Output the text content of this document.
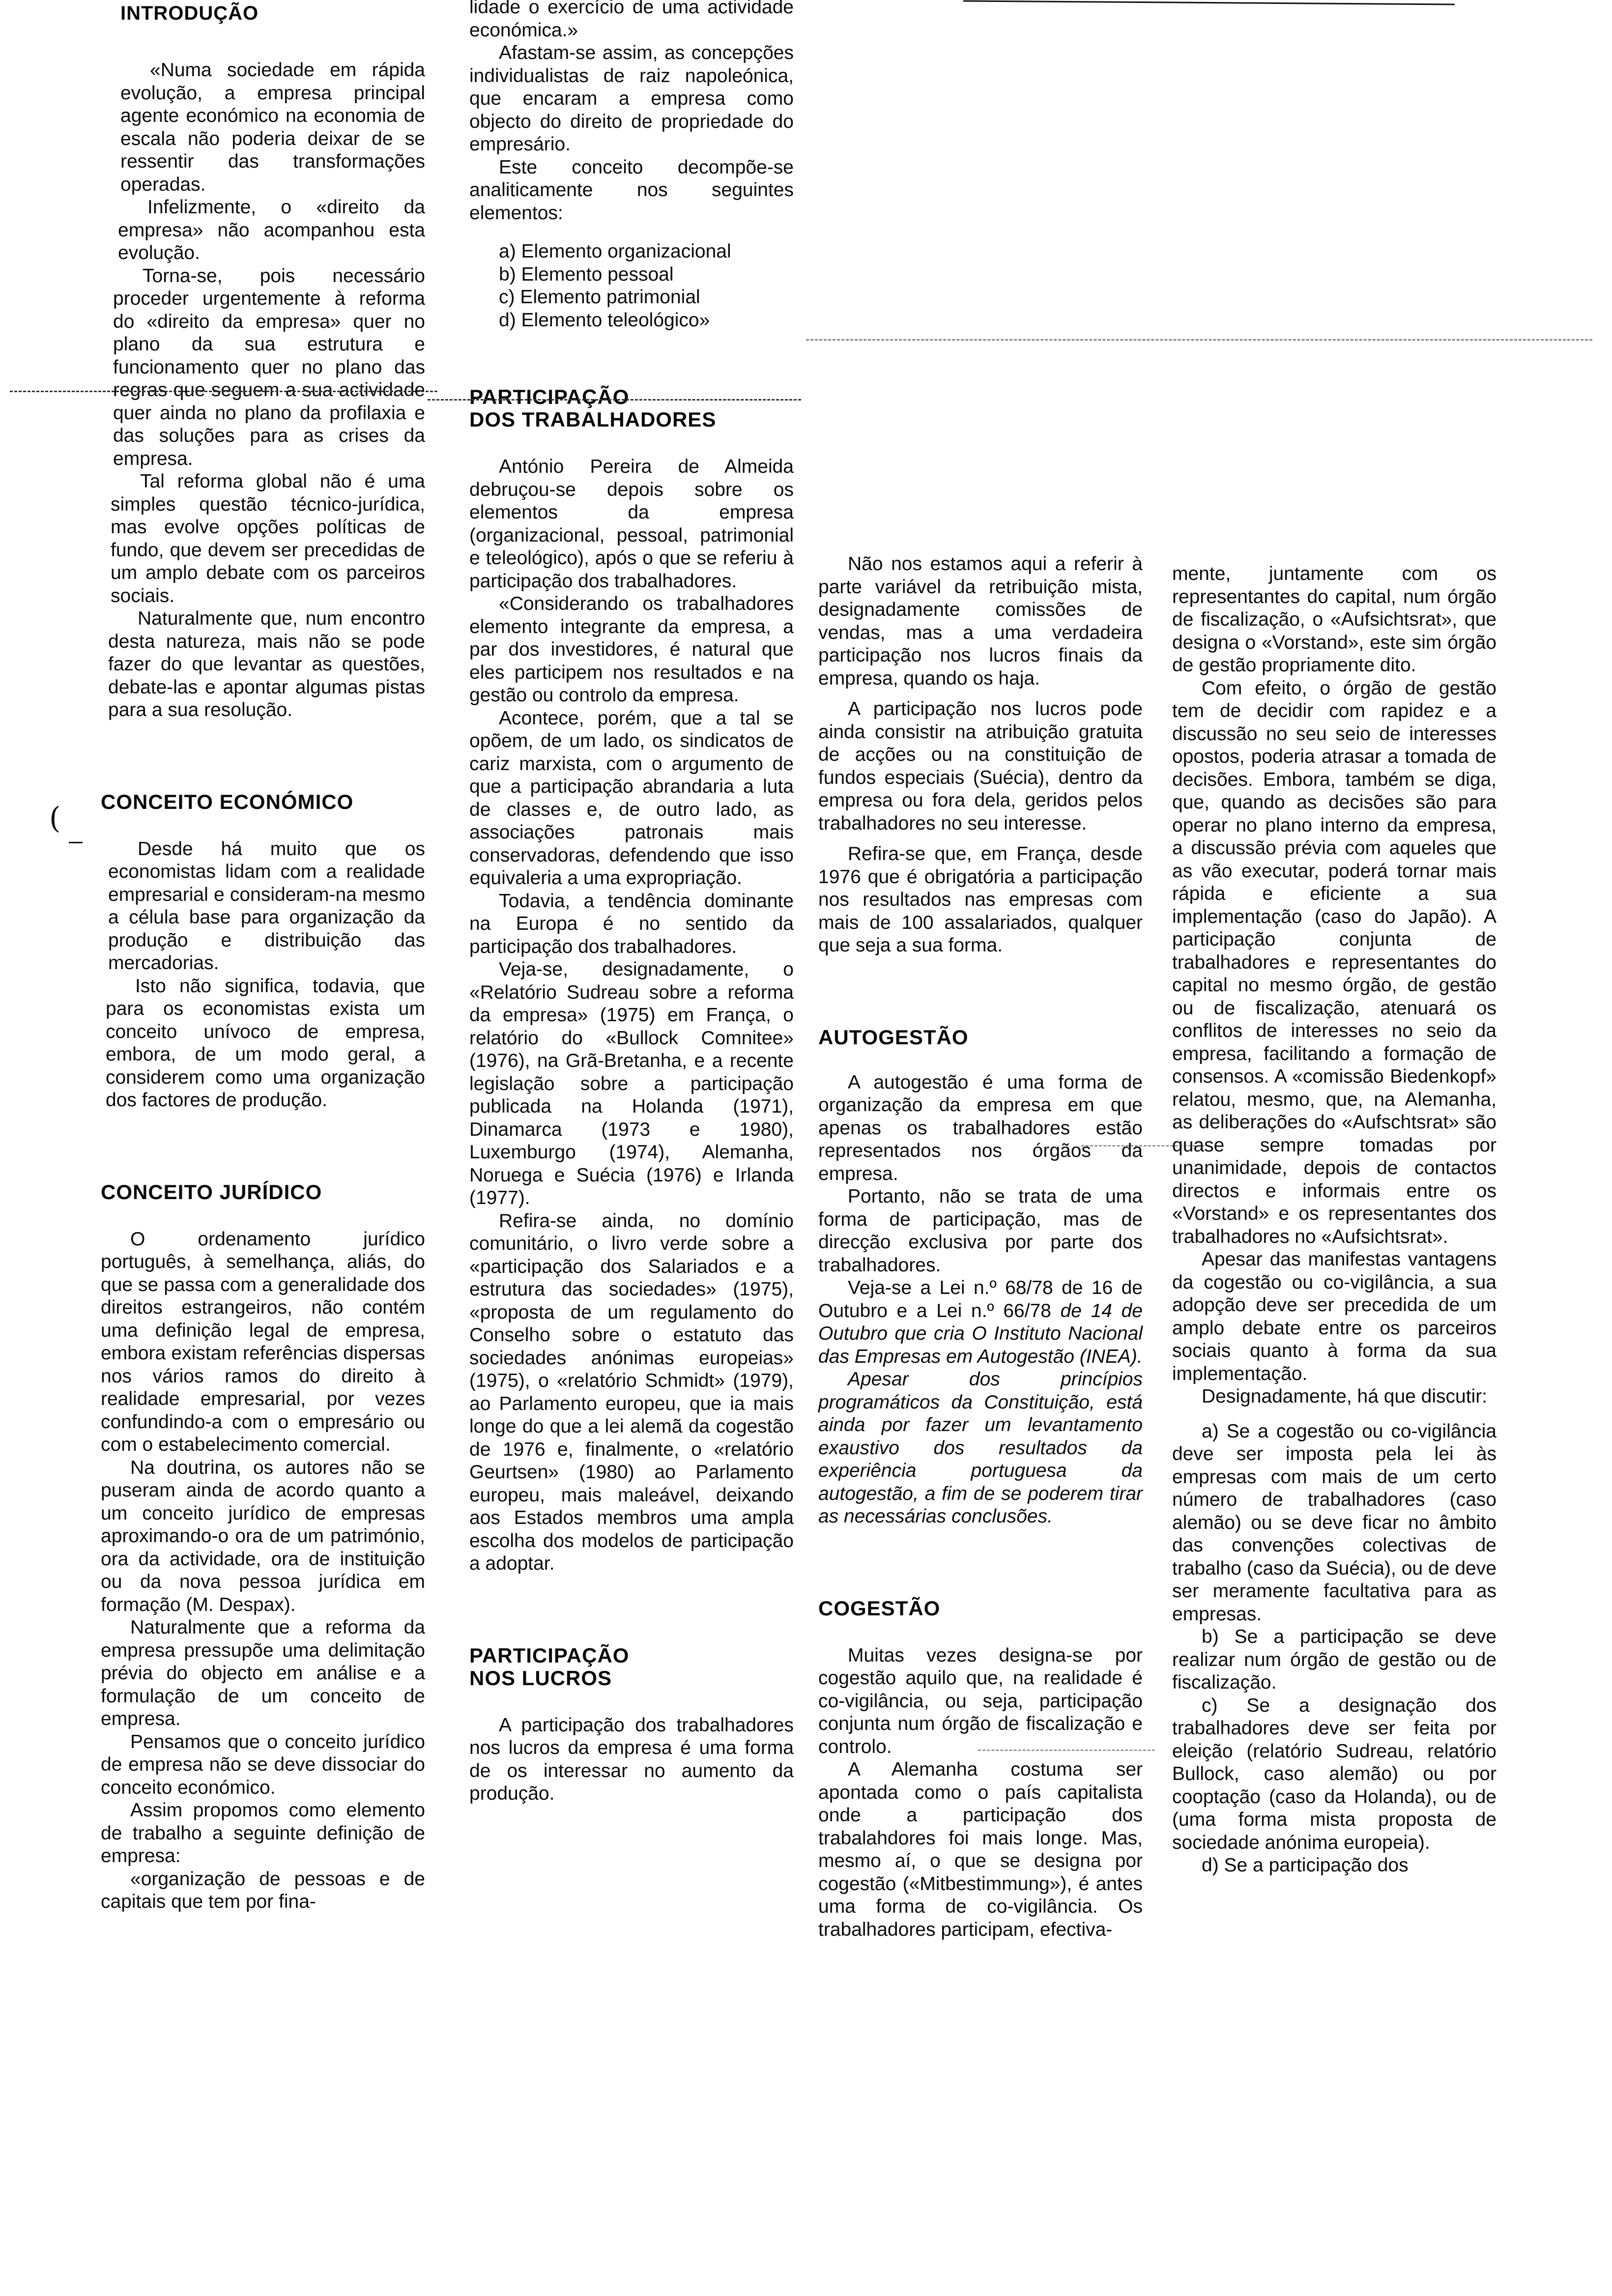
INTRODUÇÃO

«Numa sociedade em rápida evolução, a empresa principal agente económico na economia de escala não poderia deixar de se ressentir das transformações operadas.

Infelizmente, o «direito da empresa» não acompanhou esta evolução.

Torna-se, pois necessário proceder urgentemente à reforma do «direito da empresa» quer no plano da sua estrutura e funcionamento quer no plano das regras que seguem a sua actividade quer ainda no plano da profilaxia e das soluções para as crises da empresa.

Tal reforma global não é uma simples questão técnico-jurídica, mas evolve opções políticas de fundo, que devem ser precedidas de um amplo debate com os parceiros sociais.

Naturalmente que, num encontro desta natureza, mais não se pode fazer do que levantar as questões, debate-las e apontar algumas pistas para a sua resolução.

CONCEITO ECONÓMICO

Desde há muito que os economistas lidam com a realidade empresarial e consideram-na mesmo a célula base para organização da produção e distribuição das mercadorias.

Isto não significa, todavia, que para os economistas exista um conceito unívoco de empresa, embora, de um modo geral, a considerem como uma organização dos factores de produção.

CONCEITO JURÍDICO

O ordenamento jurídico português, à semelhança, aliás, do que se passa com a generalidade dos direitos estrangeiros, não contém uma definição legal de empresa, embora existam referências dispersas nos vários ramos do direito à realidade empresarial, por vezes confundindo-a com o empresário ou com o estabelecimento comercial.

Na doutrina, os autores não se puseram ainda de acordo quanto a um conceito jurídico de empresas aproximando-o ora de um património, ora da actividade, ora de instituição ou da nova pessoa jurídica em formação (M. Despax).

Naturalmente que a reforma da empresa pressupõe uma delimitação prévia do objecto em análise e a formulação de um conceito de empresa.

Pensamos que o conceito jurídico de empresa não se deve dissociar do conceito económico.

Assim propomos como elemento de trabalho a seguinte definição de empresa:

«organização de pessoas e de capitais que tem por fina-

lidade o exercício de uma actividade económica.»

Afastam-se assim, as concepções individualistas de raiz napoleónica, que encaram a empresa como objecto do direito de propriedade do empresário.

Este conceito decompõe-se analiticamente nos seguintes elementos:

a) Elemento organizacional
b) Elemento pessoal
c) Elemento patrimonial
d) Elemento teleológico»
PARTICIPAÇÃO
DOS TRABALHADORES

António Pereira de Almeida debruçou-se depois sobre os elementos da empresa (organizacional, pessoal, patrimonial e teleológico), após o que se referiu à participação dos trabalhadores.

«Considerando os trabalhadores elemento integrante da empresa, a par dos investidores, é natural que eles participem nos resultados e na gestão ou controlo da empresa.

Acontece, porém, que a tal se opõem, de um lado, os sindicatos de cariz marxista, com o argumento de que a participação abrandaria a luta de classes e, de outro lado, as associações patronais mais conservadoras, defendendo que isso equivaleria a uma expropriação.

Todavia, a tendência dominante na Europa é no sentido da participação dos trabalhadores.

Veja-se, designadamente, o «Relatório Sudreau sobre a reforma da empresa» (1975) em França, o relatório do «Bullock Comnitee» (1976), na Grã-Bretanha, e a recente legislação sobre a participação publicada na Holanda (1971), Dinamarca (1973 e 1980), Luxemburgo (1974), Alemanha, Noruega e Suécia (1976) e Irlanda (1977).

Refira-se ainda, no domínio comunitário, o livro verde sobre a «participação dos Salariados e a estrutura das sociedades» (1975), «proposta de um regulamento do Conselho sobre o estatuto das sociedades anónimas europeias» (1975), o «relatório Schmidt» (1979), ao Parlamento europeu, que ia mais longe do que a lei alemã da cogestão de 1976 e, finalmente, o «relatório Geurtsen» (1980) ao Parlamento europeu, mais maleável, deixando aos Estados membros uma ampla escolha dos modelos de participação a adoptar.

PARTICIPAÇÃO
NOS LUCROS

A participação dos trabalhadores nos lucros da empresa é uma forma de os interessar no aumento da produção.

Não nos estamos aqui a referir à parte variável da retribuição mista, designadamente comissões de vendas, mas a uma verdadeira participação nos lucros finais da empresa, quando os haja.

A participação nos lucros pode ainda consistir na atribuição gratuita de acções ou na constituição de fundos especiais (Suécia), dentro da empresa ou fora dela, geridos pelos trabalhadores no seu interesse.

Refira-se que, em França, desde 1976 que é obrigatória a participação nos resultados nas empresas com mais de 100 assalariados, qualquer que seja a sua forma.

AUTOGESTÃO

A autogestão é uma forma de organização da empresa em que apenas os trabalhadores estão representados nos órgãos da empresa.

Portanto, não se trata de uma forma de participação, mas de direcção exclusiva por parte dos trabalhadores.

Veja-se a Lei n.º 68/78 de 16 de Outubro e a Lei n.º 66/78 de 14 de Outubro que cria O Instituto Nacional das Empresas em Autogestão (INEA).

Apesar dos princípios programáticos da Constituição, está ainda por fazer um levantamento exaustivo dos resultados da experiência portuguesa da autogestão, a fim de se poderem tirar as necessárias conclusões.

COGESTÃO

Muitas vezes designa-se por cogestão aquilo que, na realidade é co-vigilância, ou seja, participação conjunta num órgão de fiscalização e controlo.

A Alemanha costuma ser apontada como o país capitalista onde a participação dos trabalahdores foi mais longe. Mas, mesmo aí, o que se designa por cogestão («Mitbestimmung»), é antes uma forma de co-vigilância. Os trabalhadores participam, efectiva-

mente, juntamente com os representantes do capital, num órgão de fiscalização, o «Aufsichtsrat», que designa o «Vorstand», este sim órgão de gestão propriamente dito.

Com efeito, o órgão de gestão tem de decidir com rapidez e a discussão no seu seio de interesses opostos, poderia atrasar a tomada de decisões. Embora, também se diga, que, quando as decisões são para operar no plano interno da empresa, a discussão prévia com aqueles que as vão executar, poderá tornar mais rápida e eficiente a sua implementação (caso do Japão). A participação conjunta de trabalhadores e representantes do capital no mesmo órgão, de gestão ou de fiscalização, atenuará os conflitos de interesses no seio da empresa, facilitando a formação de consensos. A «comissão Biedenkopf» relatou, mesmo, que, na Alemanha, as deliberações do «Aufschtsrat» são quase sempre tomadas por unanimidade, depois de contactos directos e informais entre os «Vorstand» e os representantes dos trabalhadores no «Aufsichtsrat».

Apesar das manifestas vantagens da cogestão ou co-vigilância, a sua adopção deve ser precedida de um amplo debate entre os parceiros sociais quanto à forma da sua implementação.

Designadamente, há que discutir:

a) Se a cogestão ou co-vigilância deve ser imposta pela lei às empresas com mais de um certo número de trabalhadores (caso alemão) ou se deve ficar no âmbito das convenções colectivas de trabalho (caso da Suécia), ou de deve ser meramente facultativa para as empresas.

b) Se a participação se deve realizar num órgão de gestão ou de fiscalização.

c) Se a designação dos trabalhadores deve ser feita por eleição (relatório Sudreau, relatório Bullock, caso alemão) ou por cooptação (caso da Holanda), ou de (uma forma mista proposta de sociedade anónima europeia).

d) Se a participação dos

(
